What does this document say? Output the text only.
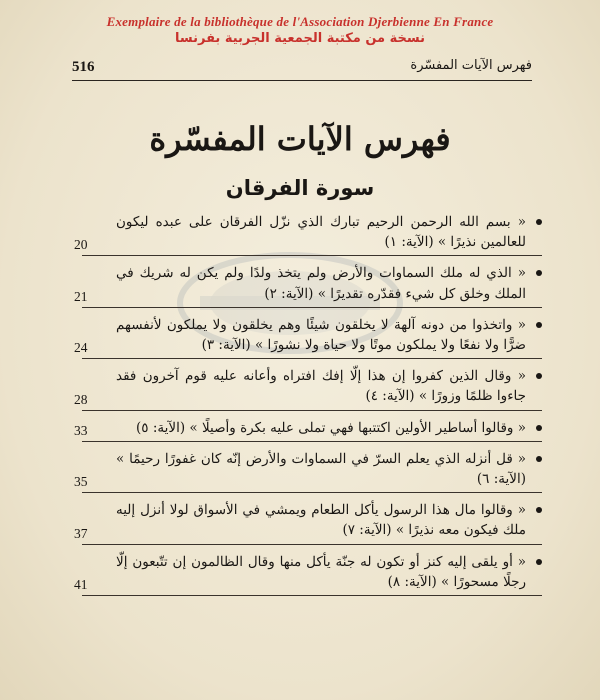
Exemplaire de la bibliothèque de l'Association Djerbienne En France
نسخة من مكتبة الجمعية الجربية بفرنسا
516	فهرس الآيات المفسّرة
فهرس الآيات المفسّرة
سورة الفرقان
« بسم الله الرحمن الرحيم تبارك الذي نزّل الفرقان على عبده ليكون للعالمين نذيرًا » (الآية: ١)
20
« الذي له ملك السماوات والأرض ولم يتخذ ولدًا ولم يكن له شريك في الملك وخلق كل شيء فقدّره تقديرًا » (الآية: ٢)
21
« واتخذوا من دونه آلهة لا يخلقون شيئًا وهم يخلقون ولا يملكون لأنفسهم ضرًّا ولا نفعًا ولا يملكون موتًا ولا حياة ولا نشورًا » (الآية: ٣)
24
« وقال الذين كفروا إن هذا إلّا إفك افتراه وأعانه عليه قوم آخرون فقد جاءوا ظلمًا وزورًا » (الآية: ٤)
28
« وقالوا أساطير الأولين اكتتبها فهي تملى عليه بكرة وأصيلًا » (الآية: ٥)
33
« قل أنزله الذي يعلم السرّ في السماوات والأرض إنّه كان غفورًا رحيمًا » (الآية: ٦)
35
« وقالوا مال هذا الرسول يأكل الطعام ويمشي في الأسواق لولا أنزل إليه ملك فيكون معه نذيرًا » (الآية: ٧)
37
« أو يلقى إليه كنز أو تكون له جنّة يأكل منها وقال الظالمون إن تتّبعون إلّا رجلًا مسحورًا » (الآية: ٨)
41
